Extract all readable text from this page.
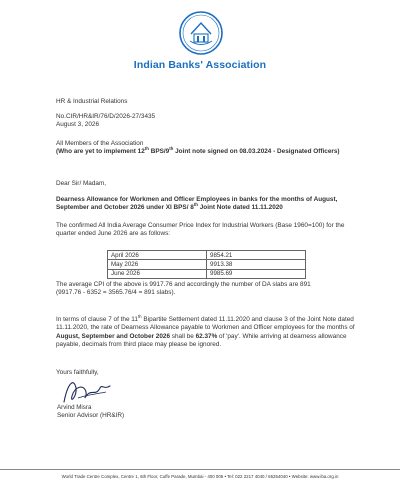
Indian Banks' Association
HR & Industrial Relations
No.CIR/HR&IR/76/D/2026-27/3435
August 3, 2026
All Members of the Association
(Who are yet to implement 12th BPS/9th Joint note signed on 08.03.2024 - Designated Officers)
Dear Sir/ Madam,
Dearness Allowance for Workmen and Officer Employees in banks for the months of August, September and October 2026 under XI BPS/ 8th Joint Note dated 11.11.2020
The confirmed All India Average Consumer Price Index for Industrial Workers (Base 1960=100) for the quarter ended June 2026 are as follows:
April 2026	9854.21
May 2026	9913.38
June 2026	9985.69
The average CPI of the above is 9917.76 and accordingly the number of DA slabs are 891
(9917.76 - 6352 = 3565.76/4 = 891 slabs).
In terms of clause 7 of the 11th Bipartite Settlement dated 11.11.2020 and clause 3 of the Joint Note dated 11.11.2020, the rate of Dearness Allowance payable to Workmen and Officer employees for the months of August, September and October 2026 shall be 62.37% of 'pay'. While arriving at dearness allowance payable, decimals from third place may please be ignored.
Yours faithfully,
Arvind Misra
Senior Advisor (HR&IR)
World Trade Centre Complex, Centre 1, 6th Floor, Cuffe Parade, Mumbai - 400 005 • Tel: 022 2217 4040 / 65254040 • Website: www.iba.org.in
